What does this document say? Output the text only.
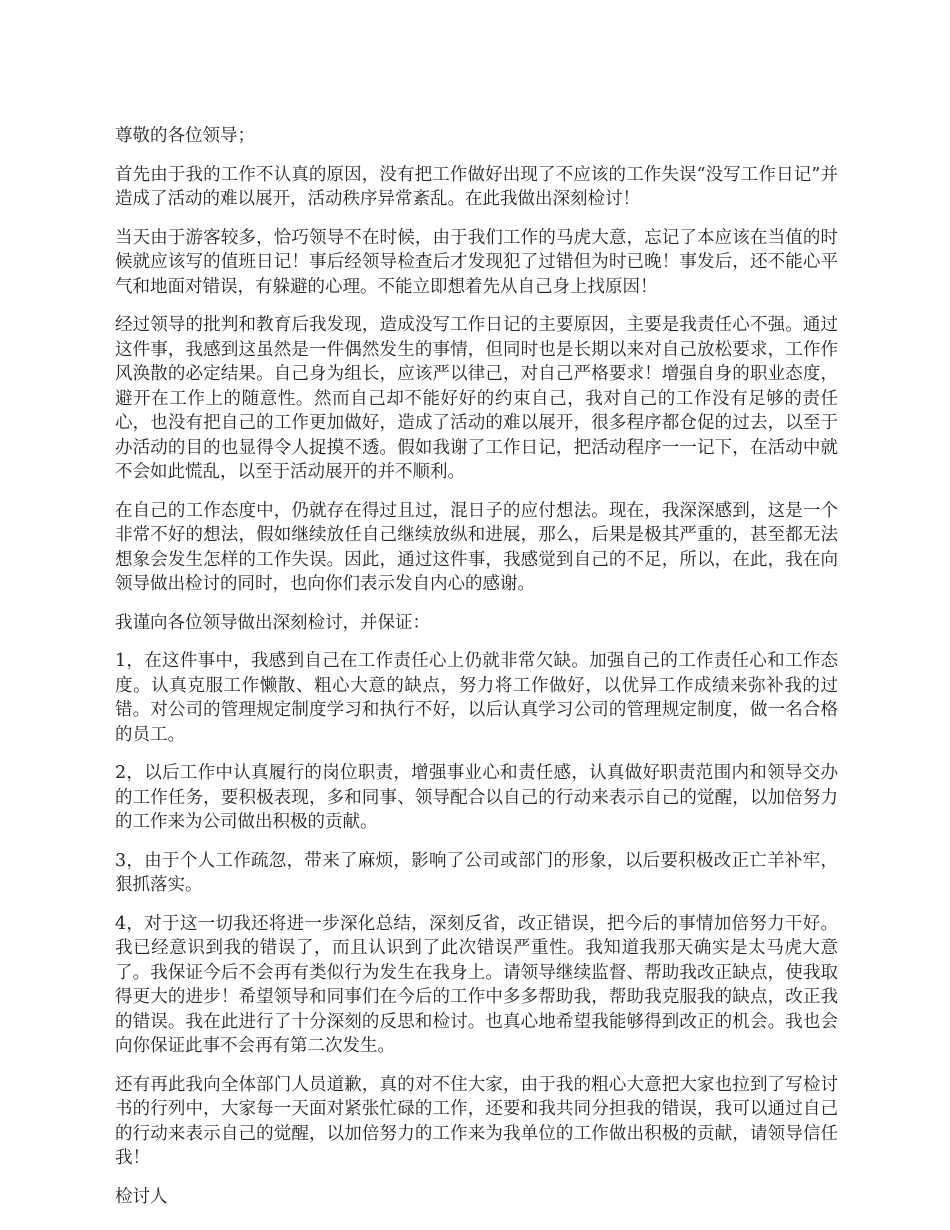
尊敬的各位领导；

首先由于我的工作不认真的原因，没有把工作做好出现了不应该的工作失误“没写工作日记”并造成了活动的难以展开，活动秩序异常紊乱。在此我做出深刻检讨！

当天由于游客较多，恰巧领导不在时候，由于我们工作的马虎大意，忘记了本应该在当值的时候就应该写的值班日记！事后经领导检查后才发现犯了过错但为时已晚！事发后，还不能心平气和地面对错误，有躲避的心理。不能立即想着先从自己身上找原因！

经过领导的批判和教育后我发现，造成没写工作日记的主要原因，主要是我责任心不强。通过这件事，我感到这虽然是一件偶然发生的事情，但同时也是长期以来对自己放松要求，工作作风涣散的必定结果。自己身为组长，应该严以律己，对自己严格要求！增强自身的职业态度，避开在工作上的随意性。然而自己却不能好好的约束自己，我对自己的工作没有足够的责任心，也没有把自己的工作更加做好，造成了活动的难以展开，很多程序都仓促的过去，以至于办活动的目的也显得令人捉摸不透。假如我谢了工作日记，把活动程序一一记下，在活动中就不会如此慌乱，以至于活动展开的并不顺利。

在自己的工作态度中，仍就存在得过且过，混日子的应付想法。现在，我深深感到，这是一个非常不好的想法，假如继续放任自己继续放纵和进展，那么，后果是极其严重的，甚至都无法想象会发生怎样的工作失误。因此，通过这件事，我感觉到自己的不足，所以，在此，我在向领导做出检讨的同时，也向你们表示发自内心的感谢。

我谨向各位领导做出深刻检讨，并保证：

1，在这件事中，我感到自己在工作责任心上仍就非常欠缺。加强自己的工作责任心和工作态度。认真克服工作懒散、粗心大意的缺点，努力将工作做好，以优异工作成绩来弥补我的过错。对公司的管理规定制度学习和执行不好，以后认真学习公司的管理规定制度，做一名合格的员工。

2，以后工作中认真履行的岗位职责，增强事业心和责任感，认真做好职责范围内和领导交办的工作任务，要积极表现，多和同事、领导配合以自己的行动来表示自己的觉醒，以加倍努力的工作来为公司做出积极的贡献。

3，由于个人工作疏忽，带来了麻烦，影响了公司或部门的形象，以后要积极改正亡羊补牢，狠抓落实。

4，对于这一切我还将进一步深化总结，深刻反省，改正错误，把今后的事情加倍努力干好。我已经意识到我的错误了，而且认识到了此次错误严重性。我知道我那天确实是太马虎大意了。我保证今后不会再有类似行为发生在我身上。请领导继续监督、帮助我改正缺点，使我取得更大的进步！希望领导和同事们在今后的工作中多多帮助我，帮助我克服我的缺点，改正我的错误。我在此进行了十分深刻的反思和检讨。也真心地希望我能够得到改正的机会。我也会向你保证此事不会再有第二次发生。

还有再此我向全体部门人员道歉，真的对不住大家，由于我的粗心大意把大家也拉到了写检讨书的行列中，大家每一天面对紧张忙碌的工作，还要和我共同分担我的错误，我可以通过自己的行动来表示自己的觉醒，以加倍努力的工作来为我单位的工作做出积极的贡献，请领导信任我！

检讨人
